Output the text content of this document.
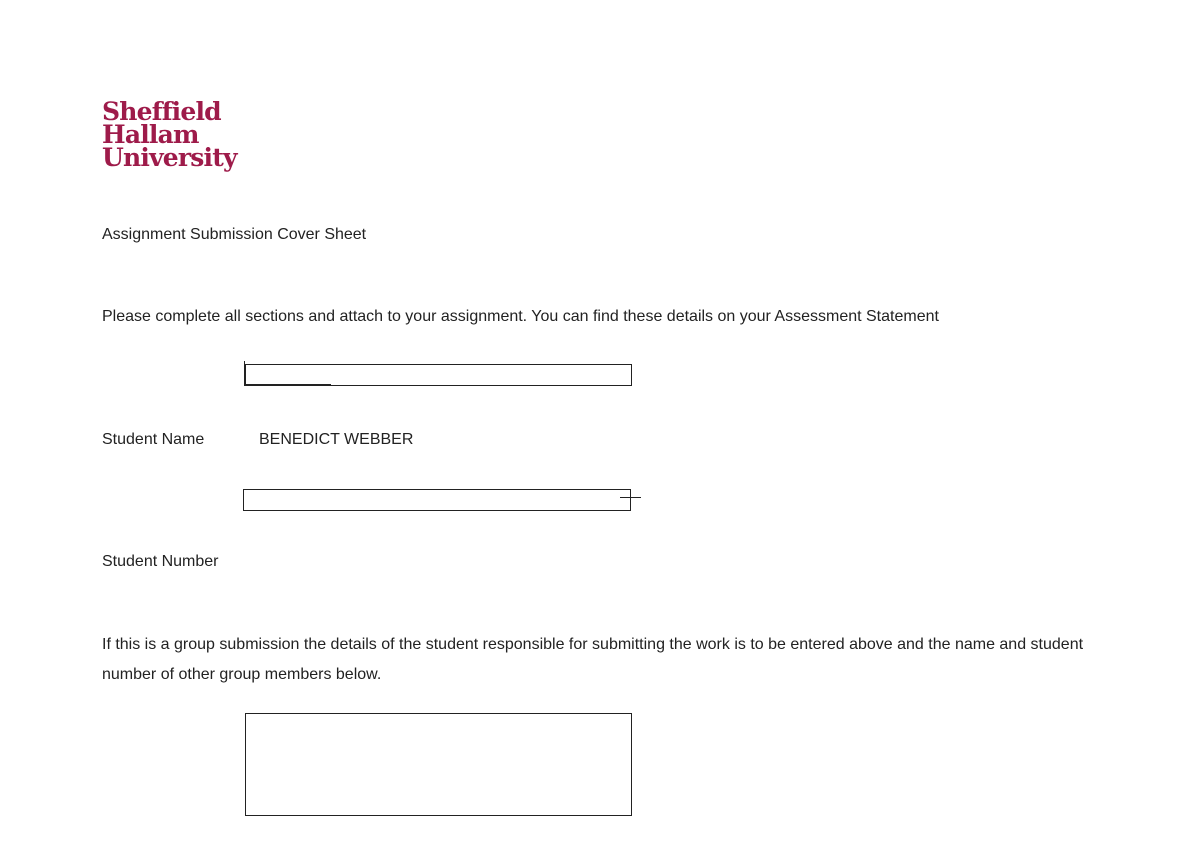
Sheffield
Hallam
University
Assignment Submission Cover Sheet
Please complete all sections and attach to your assignment. You can find these details on your Assessment Statement
Student Name	BENEDICT WEBBER
Student Number
If this is a group submission the details of the student responsible for submitting the work is to be entered above and the name and student number of other group members below.
